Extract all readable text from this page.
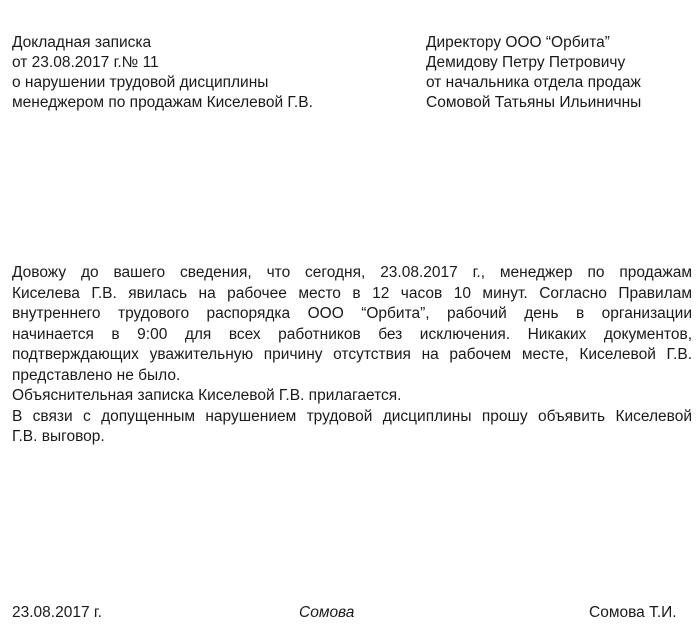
Докладная записка
от 23.08.2017 г.№ 11
о нарушении трудовой дисциплины
менеджером по продажам Киселевой Г.В.
Директору ООО “Орбита”
Демидову Петру Петровичу
от начальника отдела продаж
Сомовой Татьяны Ильиничны
Довожу до вашего сведения, что сегодня, 23.08.2017 г., менеджер по продажам
Киселева Г.В. явилась на рабочее место в 12 часов 10 минут. Согласно Правилам
внутреннего трудового распорядка ООО “Орбита”, рабочий день в организации
начинается в 9:00 для всех работников без исключения. Никаких документов,
подтверждающих уважительную причину отсутствия на рабочем месте, Киселевой Г.В.
представлено не было.
Объяснительная записка Киселевой Г.В. прилагается.
В связи с допущенным нарушением трудовой дисциплины прошу объявить Киселевой
Г.В. выговор.
23.08.2017 г.	Сомова	Сомова Т.И.
